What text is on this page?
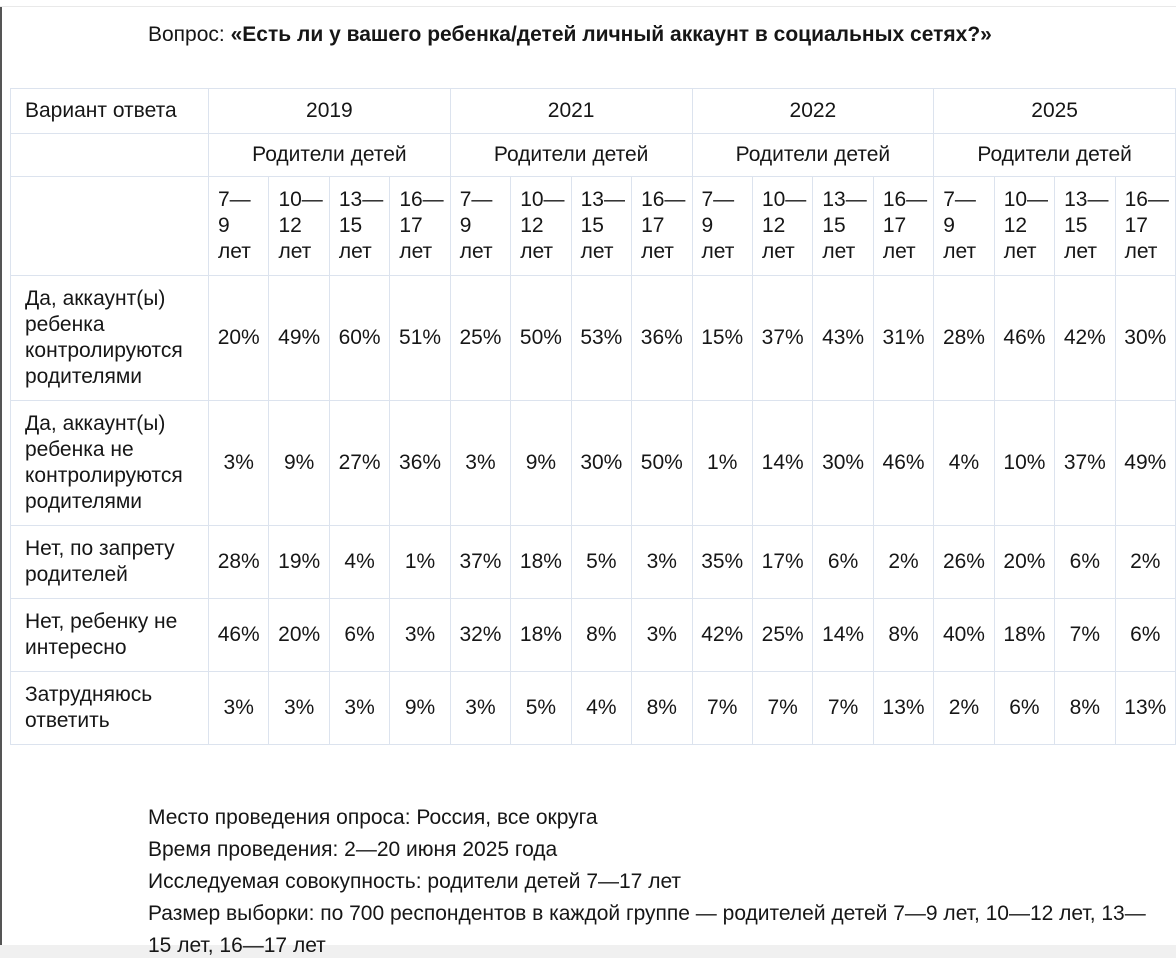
Вопрос: «Есть ли у вашего ребенка/детей личный аккаунт в социальных сетях?»
Вариант ответа	2019				2021				2022				2025			
	Родители детей				Родители детей				Родители детей				Родители детей			
	7—
9
лет	10—
12
лет	13—
15
лет	16—
17
лет	7—
9
лет	10—
12
лет	13—
15
лет	16—
17
лет	7—
9
лет	10—
12
лет	13—
15
лет	16—
17
лет	7—
9
лет	10—
12
лет	13—
15
лет	16—
17
лет
Да, аккаунт(ы) ребенка контролируются родителями	20%	49%	60%	51%	25%	50%	53%	36%	15%	37%	43%	31%	28%	46%	42%	30%
Да, аккаунт(ы) ребенка не контролируются родителями	3%	9%	27%	36%	3%	9%	30%	50%	1%	14%	30%	46%	4%	10%	37%	49%
Нет, по запрету родителей	28%	19%	4%	1%	37%	18%	5%	3%	35%	17%	6%	2%	26%	20%	6%	2%
Нет, ребенку не интересно	46%	20%	6%	3%	32%	18%	8%	3%	42%	25%	14%	8%	40%	18%	7%	6%
Затрудняюсь ответить	3%	3%	3%	9%	3%	5%	4%	8%	7%	7%	7%	13%	2%	6%	8%	13%
Место проведения опроса: Россия, все округа
Время проведения: 2—20 июня 2025 года
Исследуемая совокупность: родители детей 7—17 лет
Размер выборки: по 700 респондентов в каждой группе — родителей детей 7—9 лет, 10—12 лет, 13—15 лет, 16—17 лет
